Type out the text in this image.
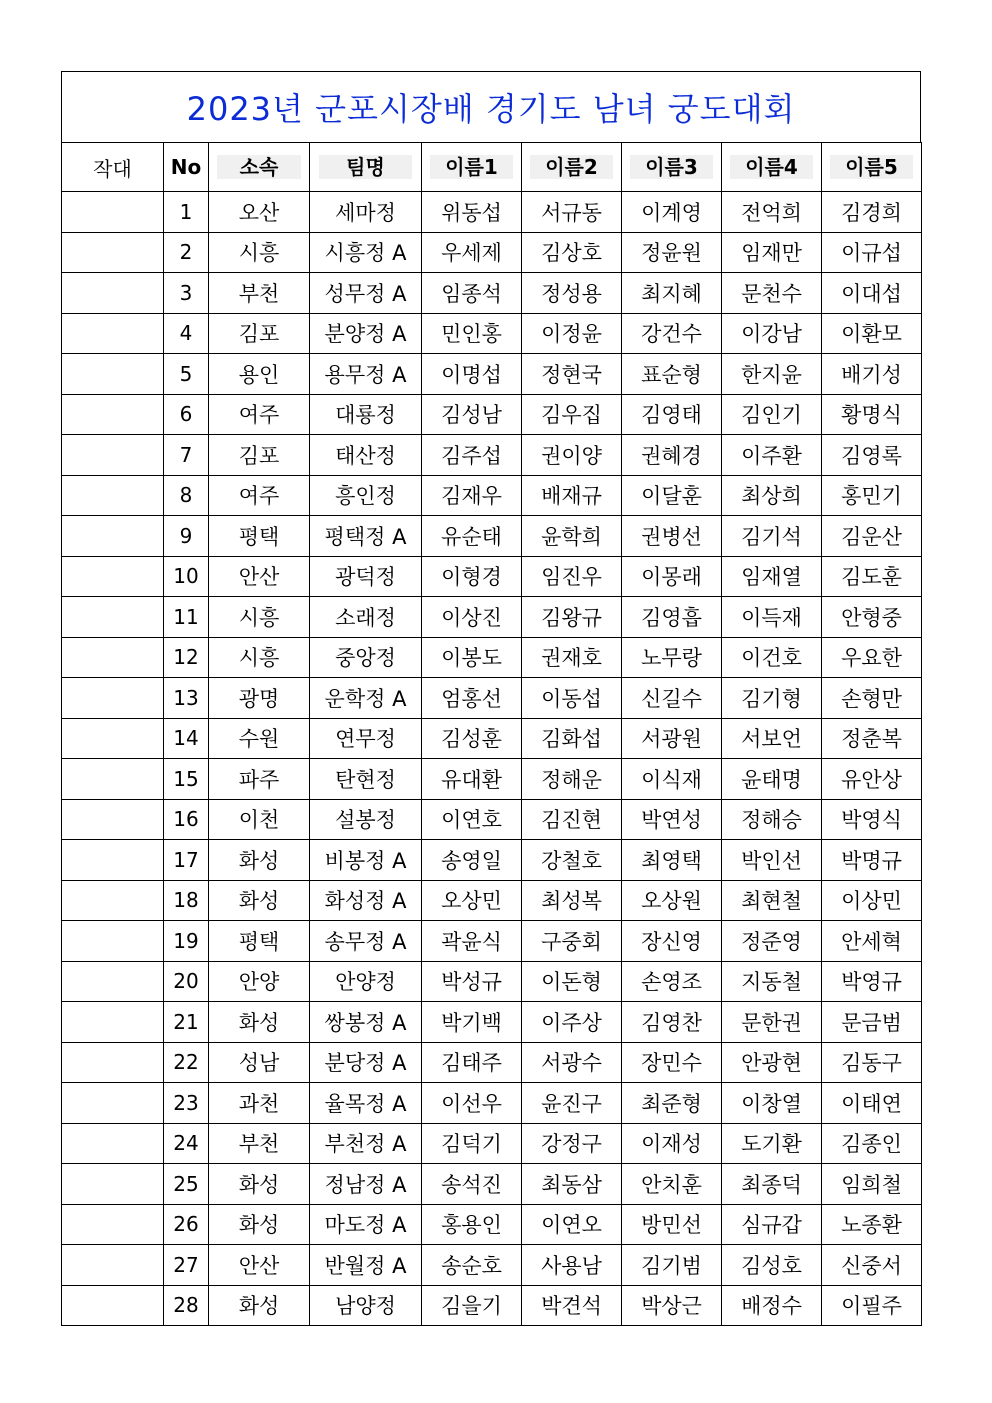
2023년 군포시장배 경기도 남녀 궁도대회
작대	No	소속	팀명	이름1	이름2	이름3	이름4	이름5
	1	오산	세마정	위동섭	서규동	이계영	전억희	김경희
	2	시흥	시흥정 A	우세제	김상호	정윤원	임재만	이규섭
	3	부천	성무정 A	임종석	정성용	최지혜	문천수	이대섭
	4	김포	분양정 A	민인홍	이정윤	강건수	이강남	이환모
	5	용인	용무정 A	이명섭	정현국	표순형	한지윤	배기성
	6	여주	대룡정	김성남	김우집	김영태	김인기	황명식
	7	김포	태산정	김주섭	권이양	권혜경	이주환	김영록
	8	여주	흥인정	김재우	배재규	이달훈	최상희	홍민기
	9	평택	평택정 A	유순태	윤학희	권병선	김기석	김운산
	10	안산	광덕정	이형경	임진우	이몽래	임재열	김도훈
	11	시흥	소래정	이상진	김왕규	김영흡	이득재	안형중
	12	시흥	중앙정	이봉도	권재호	노무랑	이건호	우요한
	13	광명	운학정 A	엄홍선	이동섭	신길수	김기형	손형만
	14	수원	연무정	김성훈	김화섭	서광원	서보언	정춘복
	15	파주	탄현정	유대환	정해운	이식재	윤태명	유안상
	16	이천	설봉정	이연호	김진현	박연성	정해승	박영식
	17	화성	비봉정 A	송영일	강철호	최영택	박인선	박명규
	18	화성	화성정 A	오상민	최성복	오상원	최현철	이상민
	19	평택	송무정 A	곽윤식	구중회	장신영	정준영	안세혁
	20	안양	안양정	박성규	이돈형	손영조	지동철	박영규
	21	화성	쌍봉정 A	박기백	이주상	김영찬	문한권	문금범
	22	성남	분당정 A	김태주	서광수	장민수	안광현	김동구
	23	과천	율목정 A	이선우	윤진구	최준형	이창열	이태연
	24	부천	부천정 A	김덕기	강정구	이재성	도기환	김종인
	25	화성	정남정 A	송석진	최동삼	안치훈	최종덕	임희철
	26	화성	마도정 A	홍용인	이연오	방민선	심규갑	노종환
	27	안산	반월정 A	송순호	사용남	김기범	김성호	신중서
	28	화성	남양정	김을기	박견석	박상근	배정수	이필주
